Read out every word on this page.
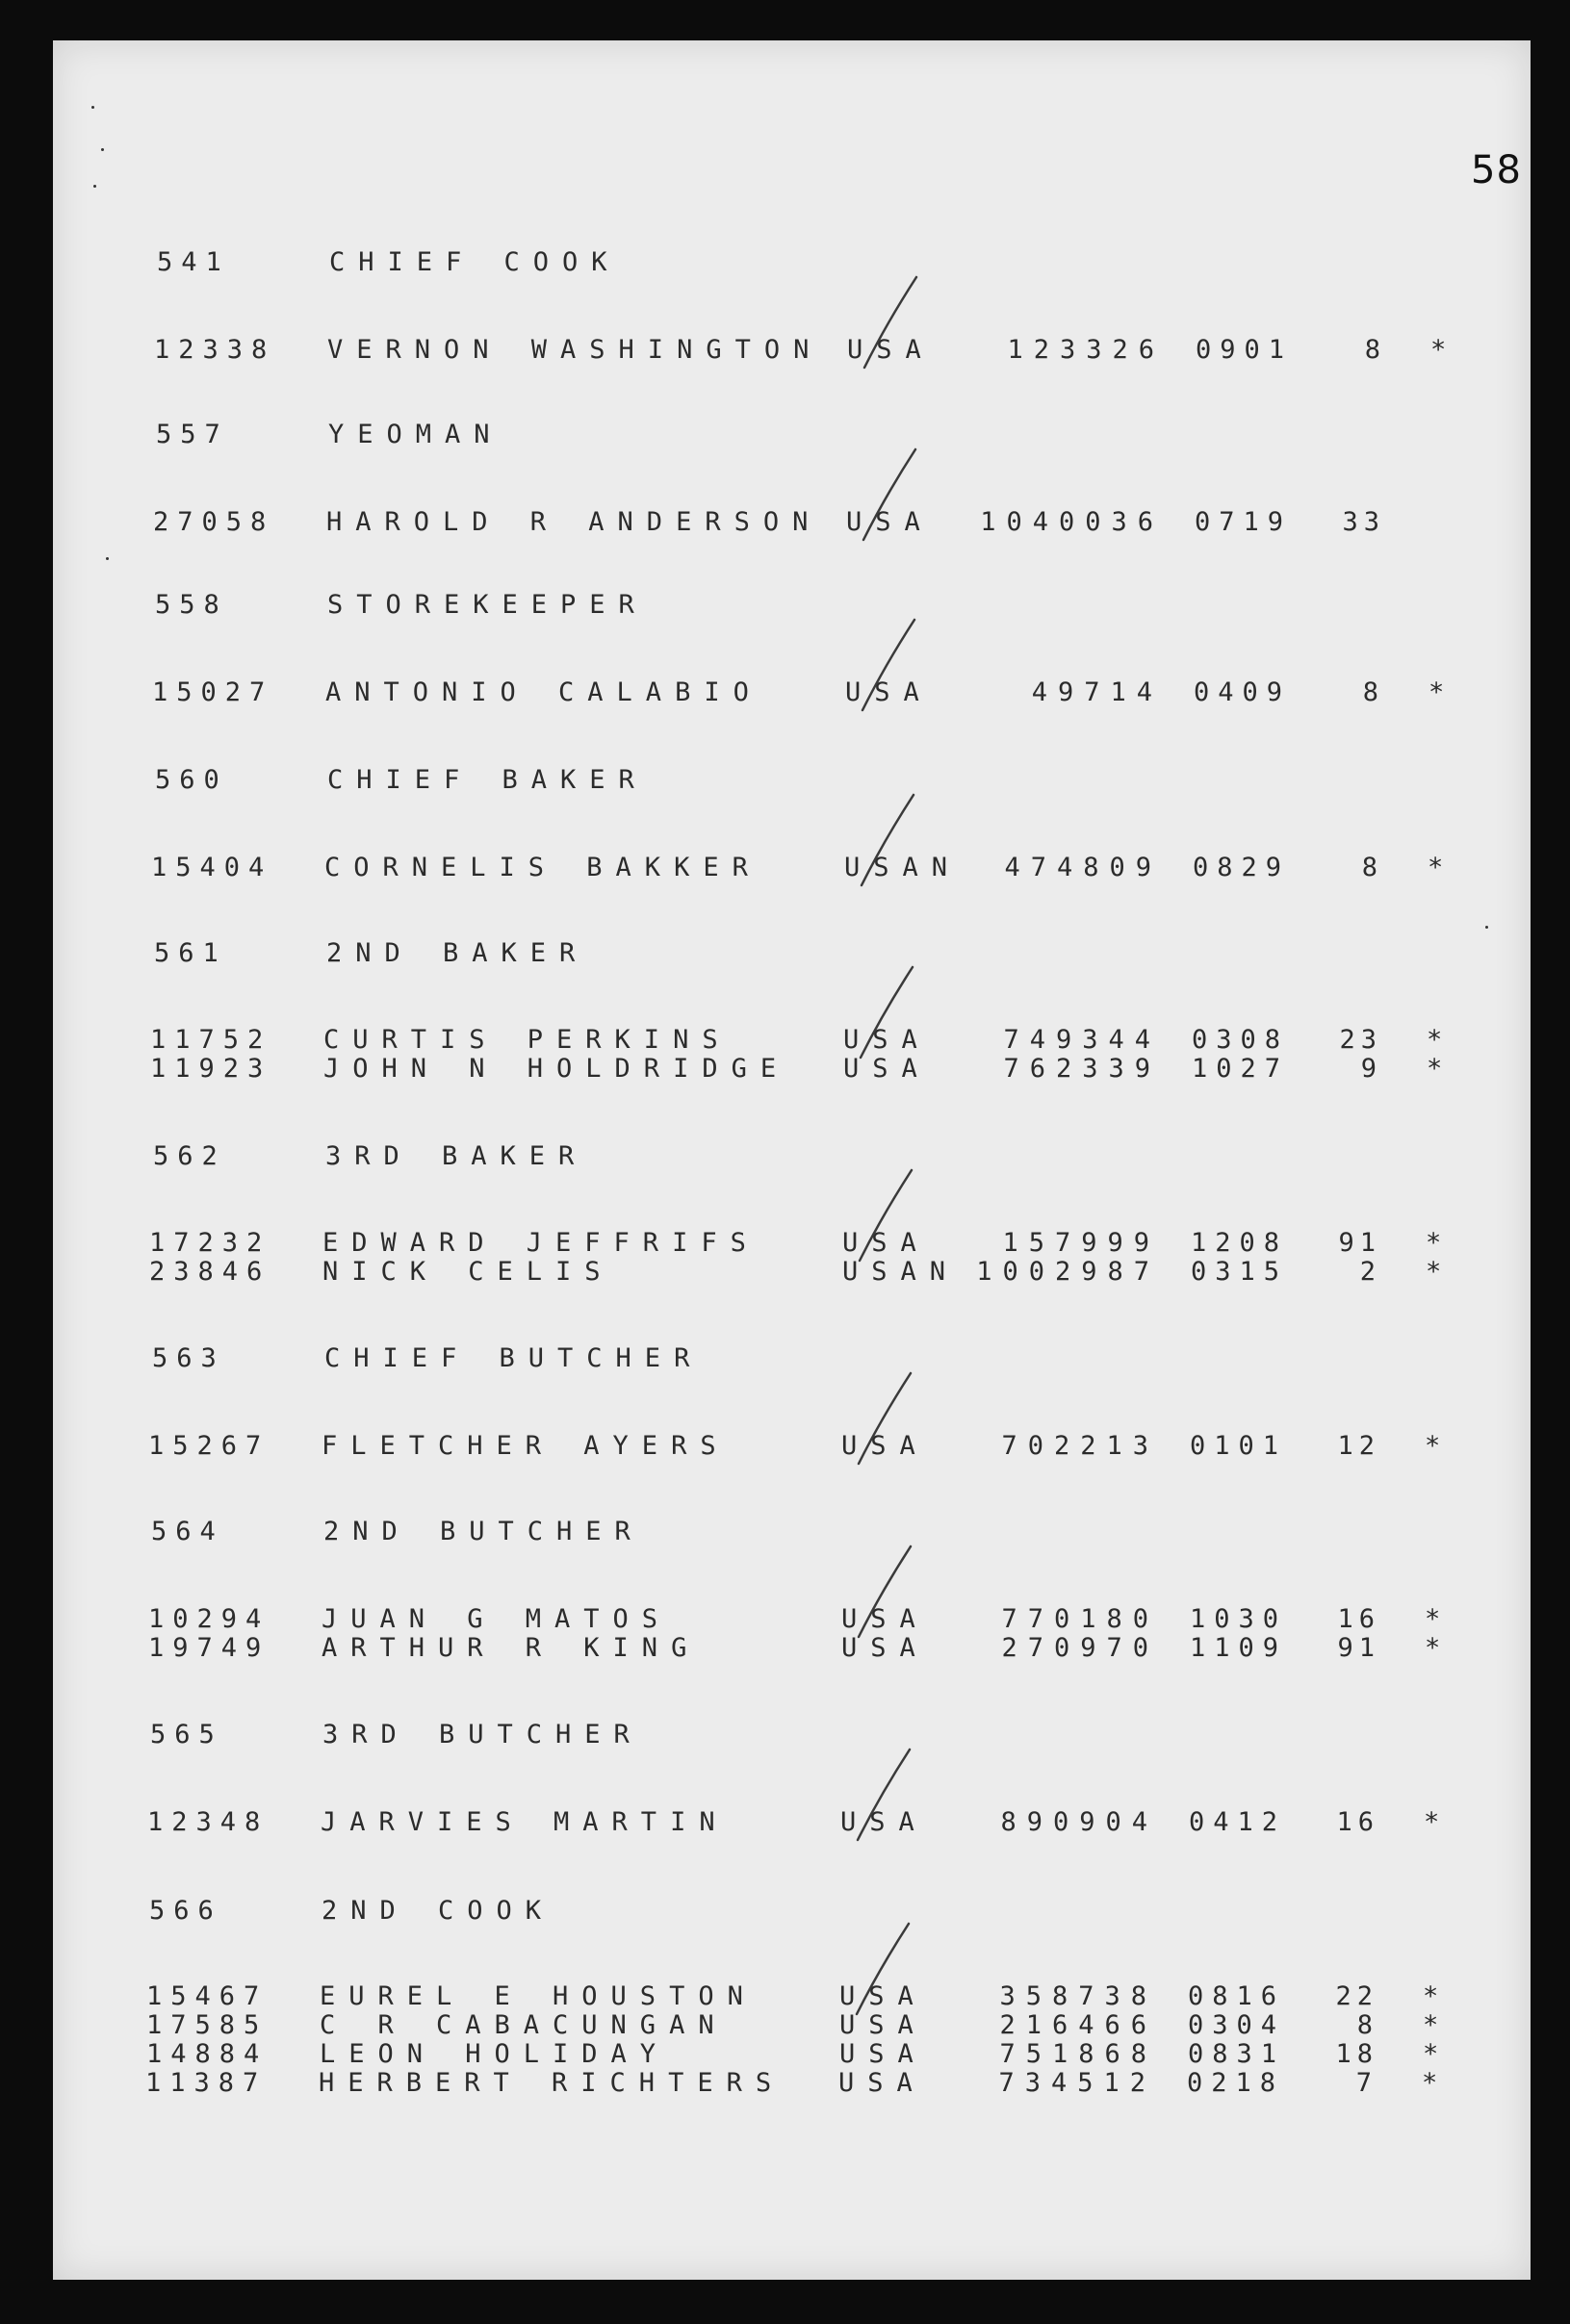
58
541	CHIEF COOK
12338 VERNON WASHINGTON USA	123326 0901	8 *
557	YEOMAN
27058 HAROLD R ANDERSON USA	1040036 0719	33
558	STOREKEEPER
15027 ANTONIO CALABIO	USA	49714 0409	8 *
560	CHIEF BAKER
15404 CORNELIS BAKKER	USAN	474809 0829	8 *
561	2ND BAKER
11752 CURTIS PERKINS	USA	749344 0308	23 *
11923 JOHN N HOLDRIDGE USA	762339 1027	9 *
562	3RD BAKER
17232 EDWARD JEFFRIFS	USA	157999 1208	91 *
23846 NICK CELIS	USAN 1002987 0315	2 *
563	CHIEF BUTCHER
15267 FLETCHER AYERS	USA	702213 0101	12 *
564	2ND BUTCHER
10294 JUAN G MATOS	USA	770180 1030	16 *
19749 ARTHUR R KING	USA	270970 1109	91 *
565	3RD BUTCHER
12348 JARVIES MARTIN	USA	890904 0412	16 *
566	2ND COOK
15467 EUREL E HOUSTON	USA	358738 0816	22 *
17585 C R CABACUNGAN	USA	216466 0304	8 *
14884 LEON HOLIDAY	USA	751868 0831	18 *
11387 HERBERT RICHTERS USA	734512 0218	7 *
